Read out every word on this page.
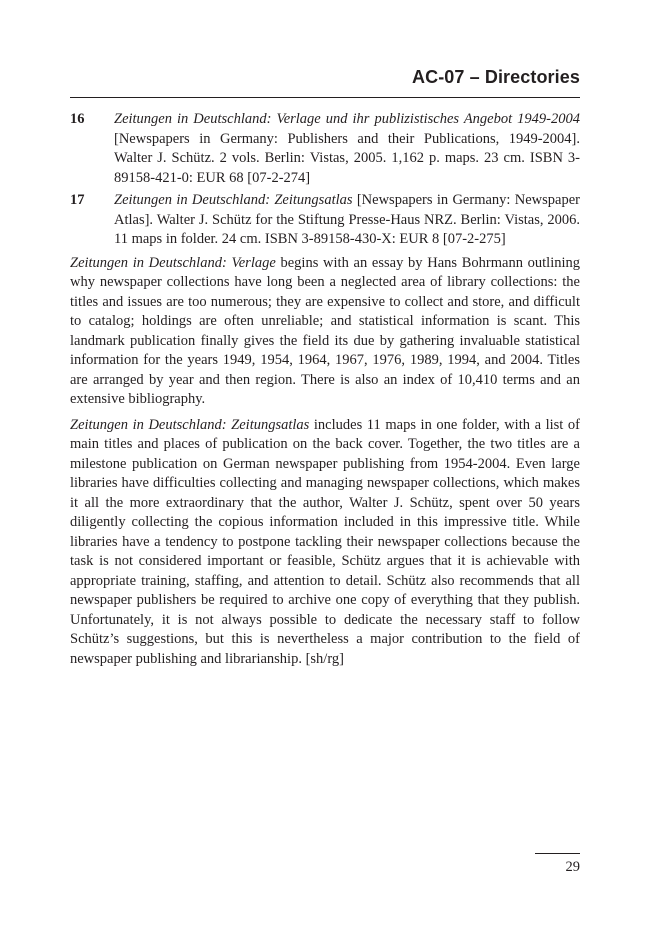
AC-07 – Directories
16	Zeitungen in Deutschland: Verlage und ihr publizistisches Angebot 1949-2004 [Newspapers in Germany: Publishers and their Publications, 1949-2004]. Walter J. Schütz. 2 vols. Berlin: Vistas, 2005. 1,162 p. maps. 23 cm. ISBN 3-89158-421-0: EUR 68 [07-2-274]
17	Zeitungen in Deutschland: Zeitungsatlas [Newspapers in Germany: Newspaper Atlas]. Walter J. Schütz for the Stiftung Presse-Haus NRZ. Berlin: Vistas, 2006. 11 maps in folder. 24 cm. ISBN 3-89158-430-X: EUR 8 [07-2-275]

Zeitungen in Deutschland: Verlage begins with an essay by Hans Bohrmann outlining why newspaper collections have long been a neglected area of library collections: the titles and issues are too numerous; they are expensive to collect and store, and difficult to catalog; holdings are often unreliable; and statistical information is scant. This landmark publication finally gives the field its due by gathering invaluable statistical information for the years 1949, 1954, 1964, 1967, 1976, 1989, 1994, and 2004. Titles are arranged by year and then region. There is also an index of 10,410 terms and an extensive bibliography.

Zeitungen in Deutschland: Zeitungsatlas includes 11 maps in one folder, with a list of main titles and places of publication on the back cover. Together, the two titles are a milestone publication on German newspaper publishing from 1954-2004. Even large libraries have difficulties collecting and managing newspaper collections, which makes it all the more extraordinary that the author, Walter J. Schütz, spent over 50 years diligently collecting the copious information included in this impressive title. While libraries have a tendency to postpone tackling their newspaper collections because the task is not considered important or feasible, Schütz argues that it is achievable with appropriate training, staffing, and attention to detail. Schütz also recommends that all newspaper publishers be required to archive one copy of everything that they publish. Unfortunately, it is not always possible to dedicate the necessary staff to follow Schütz’s suggestions, but this is nevertheless a major contribution to the field of newspaper publishing and librarianship. [sh/rg]

29
